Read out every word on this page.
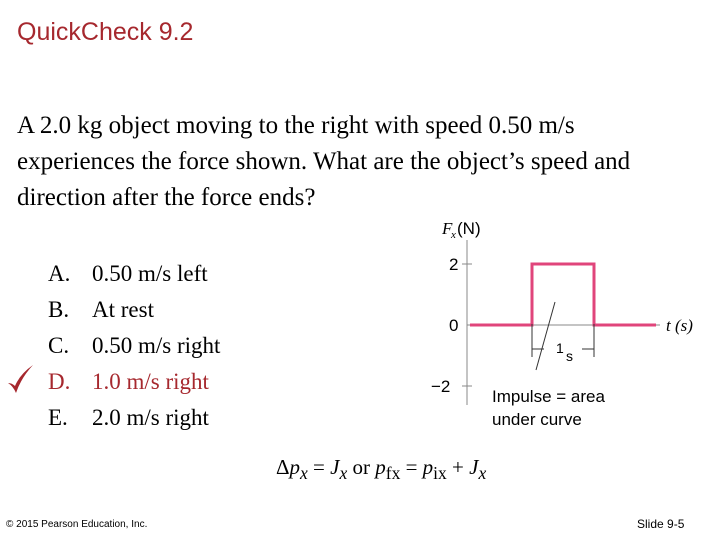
QuickCheck 9.2
A 2.0 kg object moving to the right with speed 0.50 m/s experiences the force shown. What are the object’s speed and direction after the force ends?
A. 0.50 m/s left
B. At rest
C. 0.50 m/s right
D. 1.0 m/s right
E.	2.0 m/s right
F
x (N)
2
0
−2
t (s)
1 s
Impulse = area
under curve
$\Delta p_x = J_x$ or $p_{fx} = p_{ix} + J_x$
© 2015 Pearson Education, Inc.	Slide 9-5
